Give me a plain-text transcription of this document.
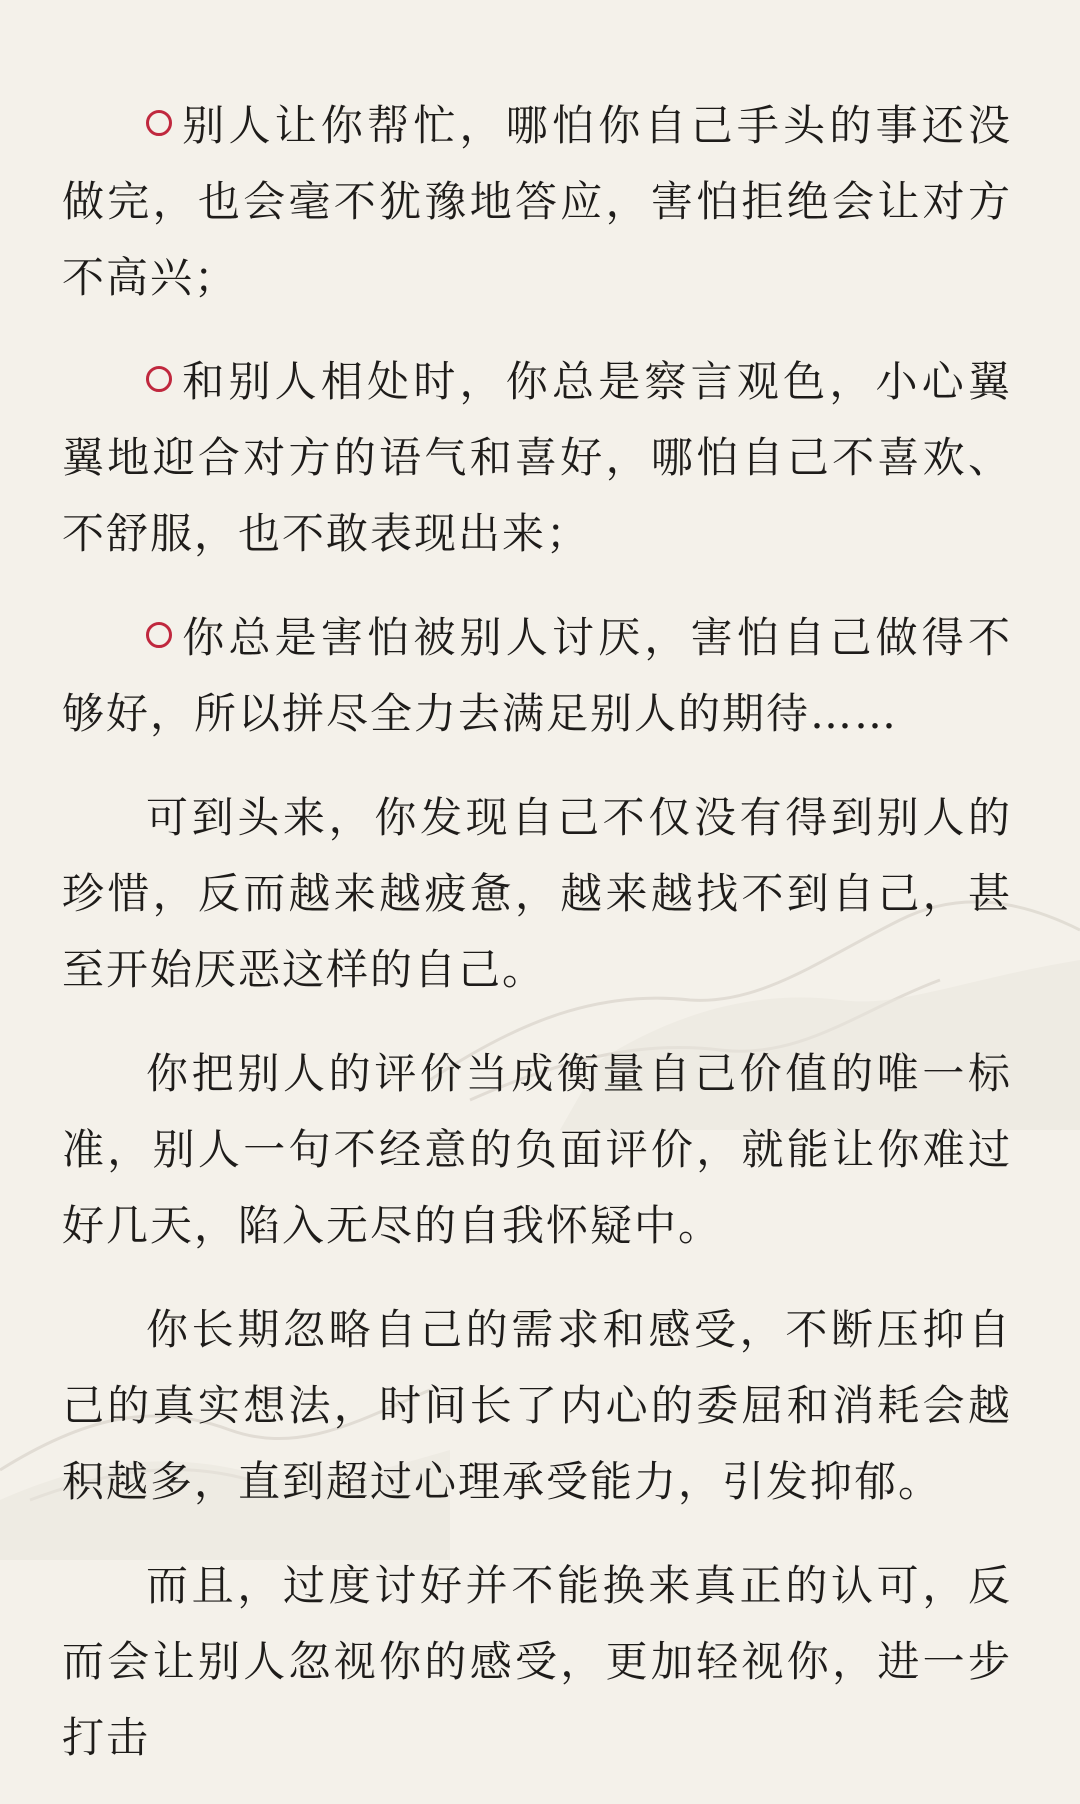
别人让你帮忙，哪怕你自己手头的事还没做完，也会毫不犹豫地答应，害怕拒绝会让对方不高兴；

和别人相处时，你总是察言观色，小心翼翼地迎合对方的语气和喜好，哪怕自己不喜欢、不舒服，也不敢表现出来；

你总是害怕被别人讨厌，害怕自己做得不够好，所以拼尽全力去满足别人的期待……

可到头来，你发现自己不仅没有得到别人的珍惜，反而越来越疲惫，越来越找不到自己，甚至开始厌恶这样的自己。

你把别人的评价当成衡量自己价值的唯一标准，别人一句不经意的负面评价，就能让你难过好几天，陷入无尽的自我怀疑中。

你长期忽略自己的需求和感受，不断压抑自己的真实想法，时间长了内心的委屈和消耗会越积越多，直到超过心理承受能力，引发抑郁。

而且，过度讨好并不能换来真正的认可，反而会让别人忽视你的感受，更加轻视你，进一步打击
